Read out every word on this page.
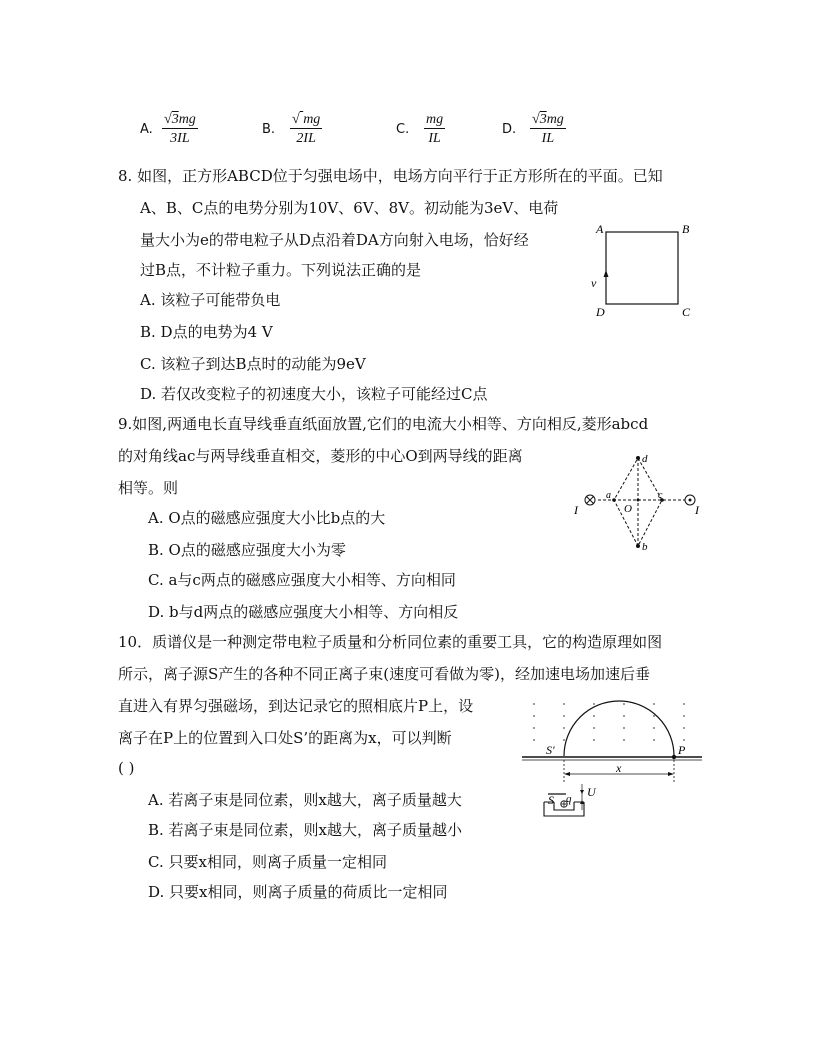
A. $\frac{√3mg}{3IL}$	B. $\frac{√ mg}{2IL}$	C. $\frac{mg}{IL}$	D. $\frac{√3mg}{IL}$
8. 如图，正方形ABCD位于匀强电场中，电场方向平行于正方形所在的平面。已知
A、B、C点的电势分别为10V、6V、8V。初动能为3eV、电荷
量大小为e的带电粒子从D点沿着DA方向射入电场，恰好经
过B点，不计粒子重力。下列说法正确的是
A. 该粒子可能带负电
B. D点的电势为4 V
C. 该粒子到达B点时的动能为9eV
D. 若仅改变粒子的初速度大小，该粒子可能经过C点
A	B
C
D
v
9.如图,两通电长直导线垂直纸面放置,它们的电流大小相等、方向相反,菱形abcd
的对角线ac与两导线垂直相交，菱形的中心O到两导线的距离
相等。则
A. O点的磁感应强度大小比b点的大
B. O点的磁感应强度大小为零
C. a与c两点的磁感应强度大小相等、方向相同
D. b与d两点的磁感应强度大小相等、方向相反
I	I
d
b
a	c
O
10．质谱仪是一种测定带电粒子质量和分析同位素的重要工具，它的构造原理如图
所示，离子源S产生的各种不同正离子束(速度可看做为零)，经加速电场加速后垂
直进入有界匀强磁场，到达记录它的照相底片P上，设
离子在P上的位置到入口处S’的距离为x，可以判断
( )
A. 若离子束是同位素，则x越大，离子质量越大
B. 若离子束是同位素，则x越大，离子质量越小
C. 只要x相同，则离子质量一定相同
D. 只要x相同，则离子质量的荷质比一定相同
S'	P
x
S q U
